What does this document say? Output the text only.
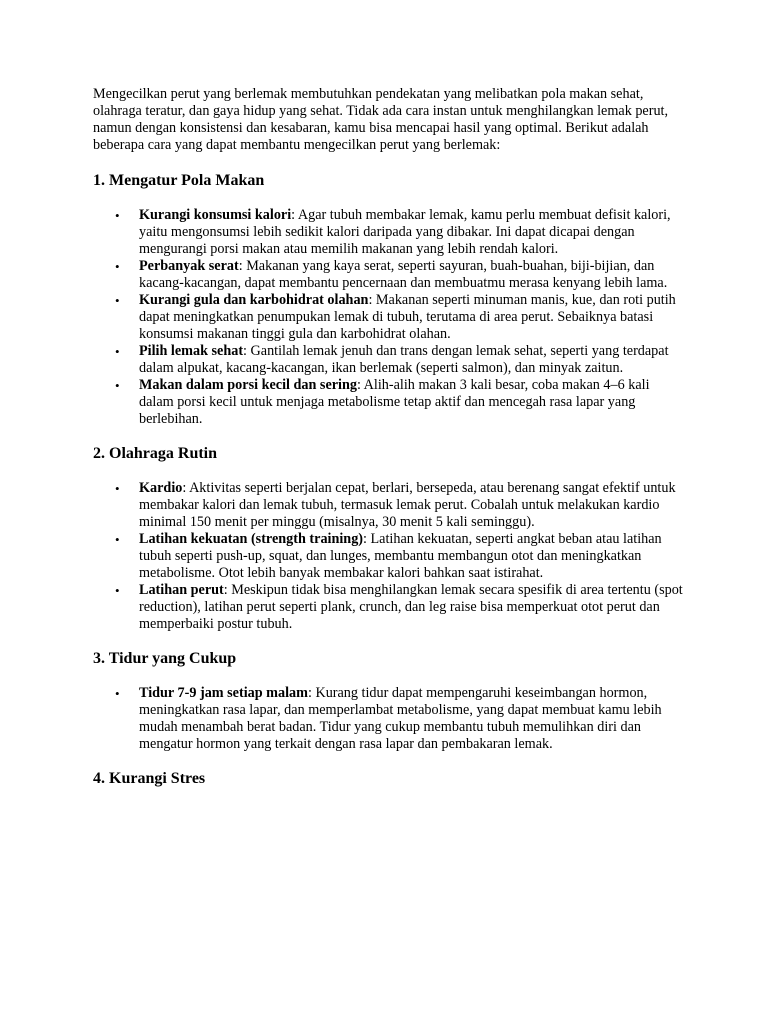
Mengecilkan perut yang berlemak membutuhkan pendekatan yang melibatkan pola makan sehat, olahraga teratur, dan gaya hidup yang sehat. Tidak ada cara instan untuk menghilangkan lemak perut, namun dengan konsistensi dan kesabaran, kamu bisa mencapai hasil yang optimal. Berikut adalah beberapa cara yang dapat membantu mengecilkan perut yang berlemak:

1. Mengatur Pola Makan
• Kurangi konsumsi kalori: Agar tubuh membakar lemak, kamu perlu membuat defisit kalori, yaitu mengonsumsi lebih sedikit kalori daripada yang dibakar. Ini dapat dicapai dengan mengurangi porsi makan atau memilih makanan yang lebih rendah kalori.
• Perbanyak serat: Makanan yang kaya serat, seperti sayuran, buah-buahan, biji-bijian, dan kacang-kacangan, dapat membantu pencernaan dan membuatmu merasa kenyang lebih lama.
• Kurangi gula dan karbohidrat olahan: Makanan seperti minuman manis, kue, dan roti putih dapat meningkatkan penumpukan lemak di tubuh, terutama di area perut. Sebaiknya batasi konsumsi makanan tinggi gula dan karbohidrat olahan.
• Pilih lemak sehat: Gantilah lemak jenuh dan trans dengan lemak sehat, seperti yang terdapat dalam alpukat, kacang-kacangan, ikan berlemak (seperti salmon), dan minyak zaitun.
• Makan dalam porsi kecil dan sering: Alih-alih makan 3 kali besar, coba makan 4–6 kali dalam porsi kecil untuk menjaga metabolisme tetap aktif dan mencegah rasa lapar yang berlebihan.
2. Olahraga Rutin
• Kardio: Aktivitas seperti berjalan cepat, berlari, bersepeda, atau berenang sangat efektif untuk membakar kalori dan lemak tubuh, termasuk lemak perut. Cobalah untuk melakukan kardio minimal 150 menit per minggu (misalnya, 30 menit 5 kali seminggu).
• Latihan kekuatan (strength training): Latihan kekuatan, seperti angkat beban atau latihan tubuh seperti push-up, squat, dan lunges, membantu membangun otot dan meningkatkan metabolisme. Otot lebih banyak membakar kalori bahkan saat istirahat.
• Latihan perut: Meskipun tidak bisa menghilangkan lemak secara spesifik di area tertentu (spot reduction), latihan perut seperti plank, crunch, dan leg raise bisa memperkuat otot perut dan memperbaiki postur tubuh.
3. Tidur yang Cukup
• Tidur 7-9 jam setiap malam: Kurang tidur dapat mempengaruhi keseimbangan hormon, meningkatkan rasa lapar, dan memperlambat metabolisme, yang dapat membuat kamu lebih mudah menambah berat badan. Tidur yang cukup membantu tubuh memulihkan diri dan mengatur hormon yang terkait dengan rasa lapar dan pembakaran lemak.
4. Kurangi Stres
